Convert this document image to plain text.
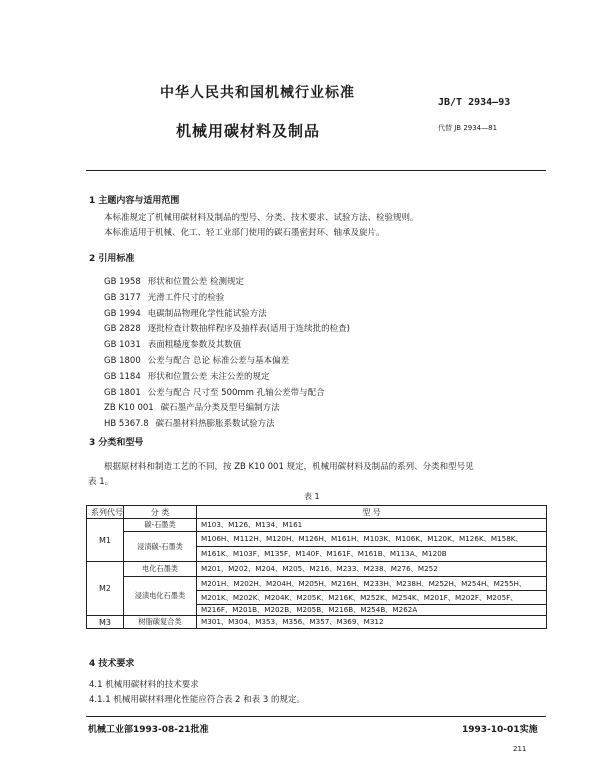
中华人民共和国机械行业标准
JB/T 2934—93
机械用碳材料及制品	代替 JB 2934—81
1 主题内容与适用范围
本标准规定了机械用碳材料及制品的型号、分类、技术要求、试验方法、检验规则。
本标准适用于机械、化工、轻工业部门使用的碳石墨密封环、轴承及旋片。
2 引用标准
GB 1958 形状和位置公差 检测规定
GB 3177 光滑工件尺寸的检验
GB 1994 电碳制品物理化学性能试验方法
GB 2828 逐批检查计数抽样程序及抽样表(适用于连续批的检查)
GB 1031 表面粗糙度参数及其数值
GB 1800 公差与配合 总论 标准公差与基本偏差
GB 1184 形状和位置公差 未注公差的规定
GB 1801 公差与配合 尺寸至 500mm 孔轴公差带与配合
ZB K10 001 碳石墨产品分类及型号编制方法
HB 5367.8 碳石墨材料热膨胀系数试验方法
3 分类和型号
根据原材料和制造工艺的不同，按 ZB K10 001 规定，机械用碳材料及制品的系列、分类和型号见
表 1。
表 1
系列代号	分 类	型 号
M1	碳-石墨类	M103、M126、M134、M161
	浸渍碳-石墨类	M106H、M112H、M120H、M126H、M161H、M103K、M106K、M120K、M126K、M158K、
		M161K、M103F、M135F、M140F、M161F、M161B、M113A、M120B
M2	电化石墨类	M201、M202、M204、M205、M216、M233、M238、M276、M252
	浸渍电化石墨类	M201H、M202H、M204H、M205H、M216H、M233H、M238H、M252H、M254H、M255H、
		M201K、M202K、M204K、M205K、M216K、M252K、M254K、M201F、M202F、M205F、
		M216F、M201B、M202B、M205B、M216B、M254B、M262A
M3	树脂碳复合类	M301、M304、M353、M356、M357、M369、M312
4 技术要求
4.1 机械用碳材料的技术要求
4.1.1 机械用碳材料理化性能应符合表 2 和表 3 的规定。
机械工业部1993-08-21批准	1993-10-01实施
211
